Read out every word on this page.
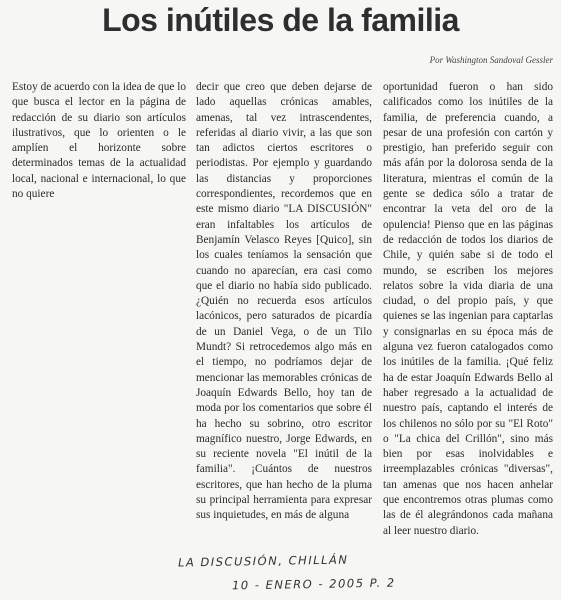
Los inútiles de la familia
Por Washington Sandoval Gessler

Estoy de acuerdo con la idea de que lo que busca el lector en la página de redacción de su diario son artículos ilustrativos, que lo orienten o le amplíen el horizonte sobre determinados temas de la actualidad local, nacional e internacional, lo que no quiere

decir que creo que deben dejarse de lado aquellas crónicas amables, amenas, tal vez intrascendentes, referidas al diario vivir, a las que son tan adictos ciertos escritores o periodistas. Por ejemplo y guardando las distancias y proporciones correspondientes, recordemos que en este mismo diario "LA DISCUSIÓN" eran infaltables los artículos de Benjamín Velasco Reyes [Quico], sin los cuales teníamos la sensación que cuando no aparecían, era casi como que el diario no había sido publicado. ¿Quién no recuerda esos artículos lacónicos, pero saturados de picardía de un Daniel Vega, o de un Tilo Mundt? Si retrocedemos algo más en el tiempo, no podríamos dejar de mencionar las memorables crónicas de Joaquín Edwards Bello, hoy tan de moda por los comentarios que sobre él ha hecho su sobrino, otro escritor magnífico nuestro, Jorge Edwards, en su reciente novela "El inútil de la familia". ¡Cuántos de nuestros escritores, que han hecho de la pluma su principal herramienta para expresar sus inquietudes, en más de alguna

oportunidad fueron o han sido calificados como los inútiles de la familia, de preferencia cuando, a pesar de una profesión con cartón y prestigio, han preferido seguir con más afán por la dolorosa senda de la literatura, mientras el común de la gente se dedica sólo a tratar de encontrar la veta del oro de la opulencia! Pienso que en las páginas de redacción de todos los diarios de Chile, y quién sabe si de todo el mundo, se escriben los mejores relatos sobre la vida diaria de una ciudad, o del propio país, y que quienes se las ingenian para captarlas y consignarlas en su época más de alguna vez fueron catalogados como los inútiles de la familia. ¡Qué feliz ha de estar Joaquín Edwards Bello al haber regresado a la actualidad de nuestro país, captando el interés de los chilenos no sólo por su "El Roto" o "La chica del Crillón", sino más bien por esas inolvidables e irreemplazables crónicas "diversas", tan amenas que nos hacen anhelar que encontremos otras plumas como las de él alegrándonos cada mañana al leer nuestro diario.

LA DISCUSIÓN, CHILLÁN
10 - ENERO - 2005 P. 2
